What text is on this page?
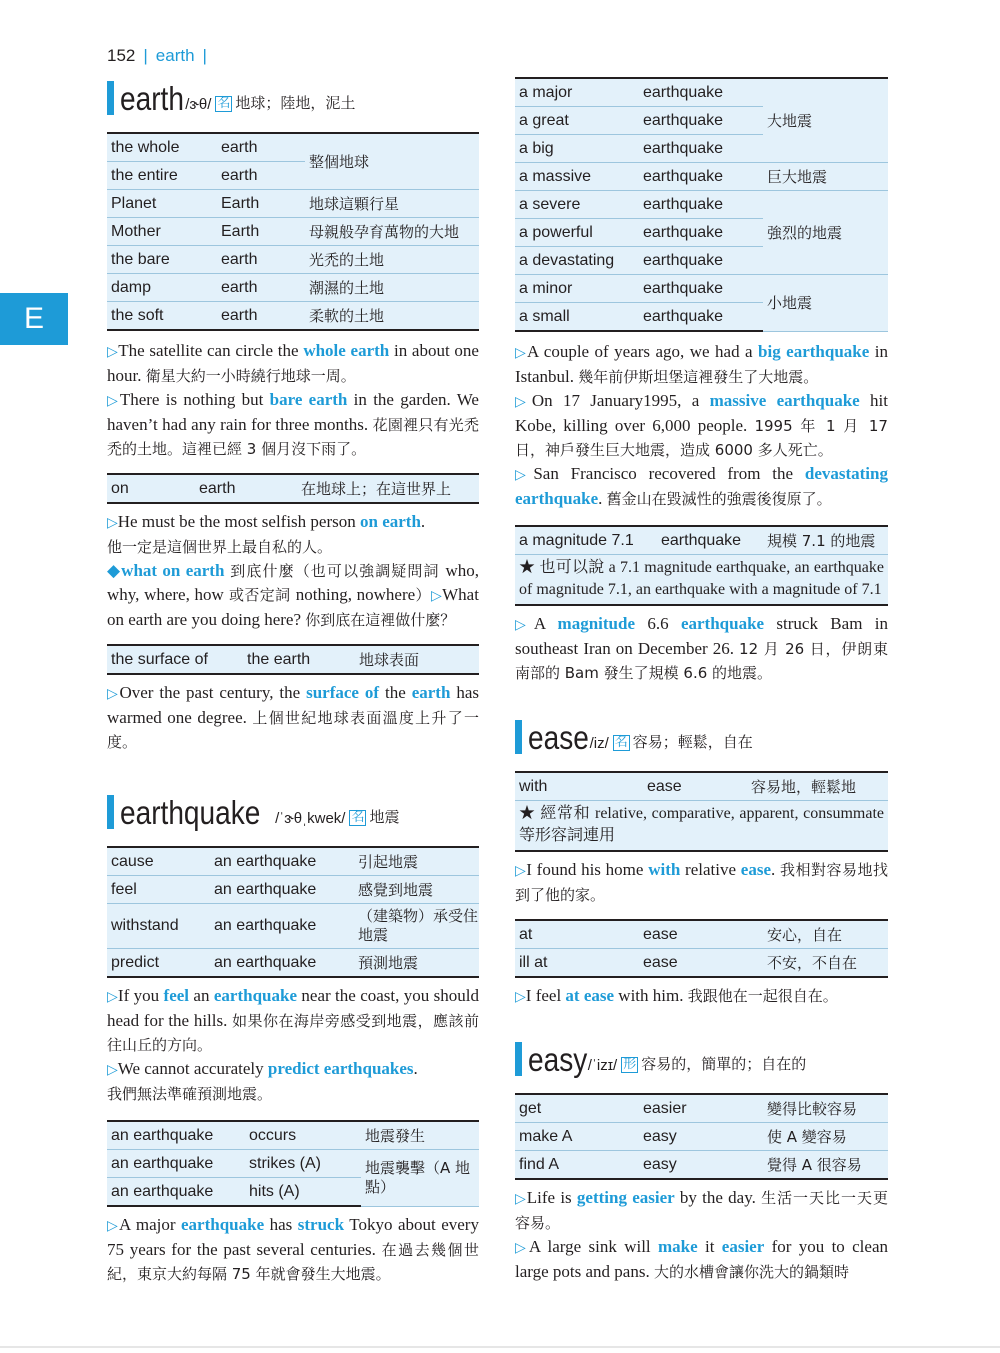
152 | earth |
E
earth /ɝθ/ 名 地球；陸地，泥土
the whole	earth	整個地球
the entire	earth	
Planet	Earth	地球這顆行星
Mother	Earth	母親般孕育萬物的大地
the bare	earth	光禿的土地
damp	earth	潮濕的土地
the soft	earth	柔軟的土地

▷The satellite can circle the whole earth in about one hour. 衛星大約一小時繞行地球一周。
▷There is nothing but bare earth in the garden. We haven’t had any rain for three months. 花園裡只有光禿禿的土地。這裡已經 3 個月沒下雨了。

on	earth	在地球上；在這世界上

▷He must be the most selfish person on earth.
他一定是這個世界上最自私的人。
◆what on earth 到底什麼（也可以強調疑問詞 who, why, where, how 或否定詞 nothing, nowhere）▷What on earth are you doing here? 你到底在這裡做什麼？

the surface of	the earth	地球表面

▷Over the past century, the surface of the earth has warmed one degree. 上個世紀地球表面溫度上升了一度。

earthquake /ˈɝθˌkwek/ 名 地震
cause	an earthquake	引起地震
feel	an earthquake	感覺到地震
withstand	an earthquake	（建築物）承受住地震
predict	an earthquake	預測地震

▷If you feel an earthquake near the coast, you should head for the hills. 如果你在海岸旁感受到地震，應該前往山丘的方向。
▷We cannot accurately predict earthquakes.
我們無法準確預測地震。

an earthquake	occurs	地震發生
an earthquake	strikes (A)	地震襲擊（A 地點）
an earthquake	hits (A)	

▷A major earthquake has struck Tokyo about every 75 years for the past several centuries. 在過去幾個世紀，東京大約每隔 75 年就會發生大地震。

a major	earthquake	大地震
a great	earthquake	
a big	earthquake	
a massive	earthquake	巨大地震
a severe	earthquake	強烈的地震
a powerful	earthquake	
a devastating	earthquake	
a minor	earthquake	小地震
a small	earthquake	

▷A couple of years ago, we had a big earthquake in Istanbul. 幾年前伊斯坦堡這裡發生了大地震。
▷On 17 January1995, a massive earthquake hit Kobe, killing over 6,000 people. 1995 年 1 月 17 日，神戶發生巨大地震，造成 6000 多人死亡。
▷San Francisco recovered from the devastating earthquake. 舊金山在毀滅性的強震後復原了。

a magnitude 7.1	earthquake	規模 7.1 的地震
★ 也可以說 a 7.1 magnitude earthquake, an earthquake of magnitude 7.1, an earthquake with a magnitude of 7.1

▷A magnitude 6.6 earthquake struck Bam in southeast Iran on December 26. 12 月 26 日，伊朗東南部的 Bam 發生了規模 6.6 的地震。

ease /iz/ 名 容易；輕鬆，自在
with	ease	容易地，輕鬆地
★ 經常和 relative, comparative, apparent, consummate 等形容詞連用

▷I found his home with relative ease. 我相對容易地找到了他的家。

at	ease	安心，自在
ill at	ease	不安，不自在

▷I feel at ease with him. 我跟他在一起很自在。

easy /ˈizɪ/ 形 容易的，簡單的；自在的
get	easier	變得比較容易
make A	easy	使 A 變容易
find A	easy	覺得 A 很容易

▷Life is getting easier by the day. 生活一天比一天更容易。
▷A large sink will make it easier for you to clean large pots and pans. 大的水槽會讓你洗大的鍋類時
